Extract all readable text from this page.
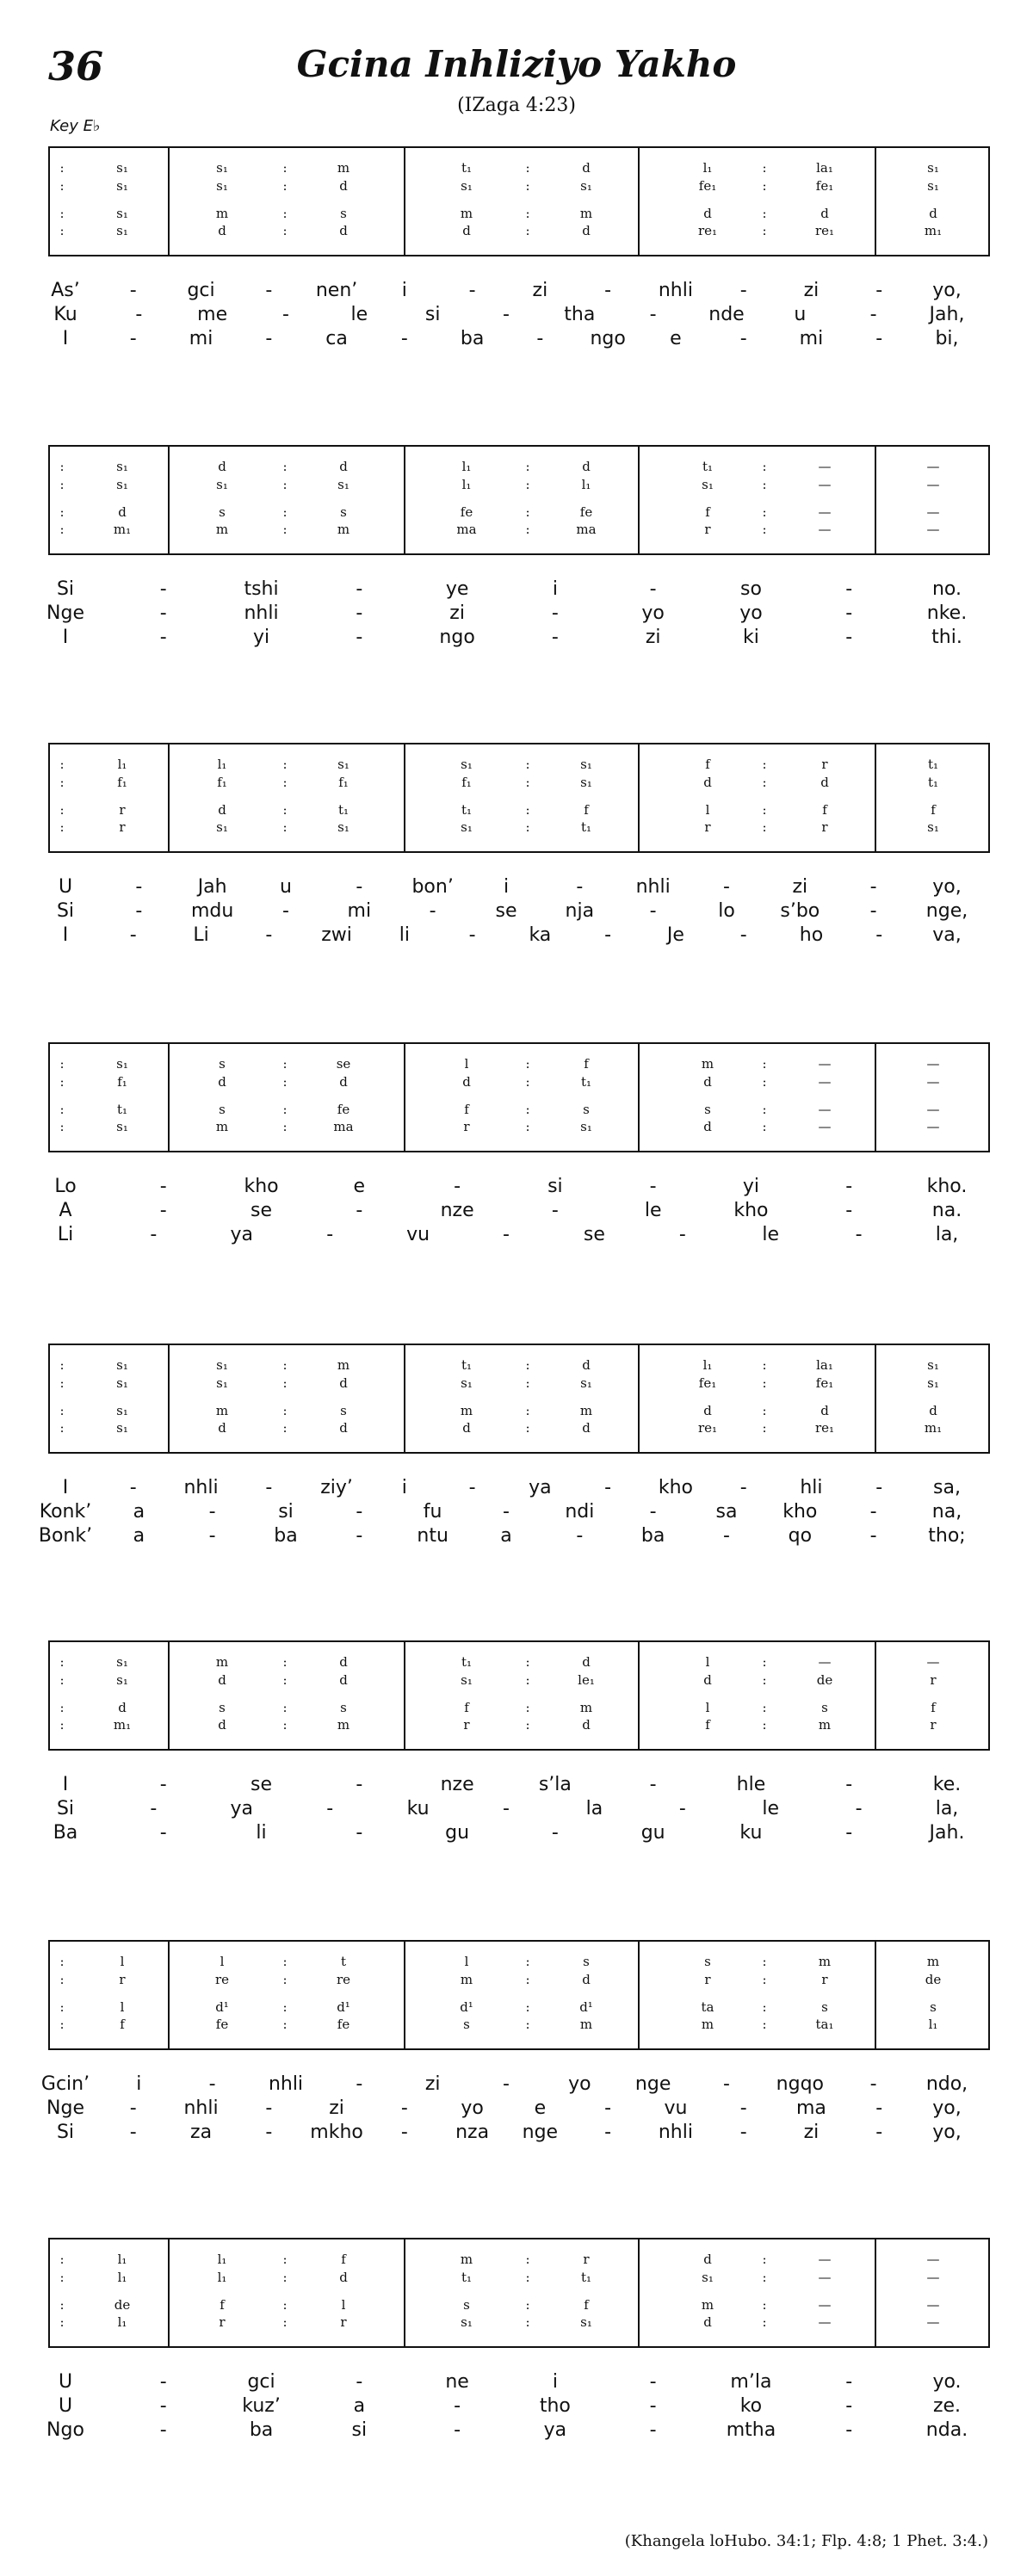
36	Gcina Inhliziyo Yakho
(IZaga 4:23)
Key E♭
:	s₁	s₁	:	m	t₁	:	d	l₁	:	la₁	s₁
:	s₁	s₁	:	d	s₁	:	s₁	fe₁	:	fe₁	s₁
:	s₁	m	:	s	m	:	m	d	:	d	d
:	s₁	d	:	d	d	:	d	re₁	:	re₁	m₁
As’	-	gci	- nen’ i	-	zi	- nhli -	zi	-	yo,
Ku	-	me	-	le	si	-	tha	-	nde	u	-	Jah,
I	-	mi	-	ca	-	ba	- ngo e	-	mi	-	bi,
:	s₁	d	:	d	l₁	:	d	t₁	:	—	—
:	s₁	s₁	:	s₁	l₁	:	l₁	s₁	:	—	—
:	d	s	:	s	fe	:	fe	f	:	—	—
:	m₁	m	:	m	ma	:	ma	r	:	—	—
Si	-	tshi	-	ye	i	-	so	-	no.
Nge	-	nhli	-	zi	-	yo	yo	-	nke.
I	-	yi	-	ngo	-	zi	ki	-	thi.
:	l₁	l₁	:	s₁	s₁	:	s₁	f	:	r	t₁
:	f₁	f₁	:	f₁	f₁	:	s₁	d	:	d	t₁
:	r	d	:	t₁	t₁	:	f	l	:	f	f
:	r	s₁	:	s₁	s₁	:	t₁	r	:	r	s₁
U	-	Jah	u	-	bon’	i	-	nhli	-	zi	-	yo,
Si	-	mdu	-	mi	-	se	nja	-	lo s’bo	-	nge,
I	-	Li	-	zwi li	-	ka	-	Je	-	ho	-	va,
:	s₁	s	:	se	l	:	f	m	:	—	—
:	f₁	d	:	d	d	:	t₁	d	:	—	—
:	t₁	s	:	fe	f	:	s	s	:	—	—
:	s₁	m	:	ma	r	:	s₁	d	:	—	—
Lo	-	kho	e	-	si	-	yi	-	kho.
A	-	se	-	nze	-	le	kho	-	na.
Li	-	ya	-	vu	-	se	-	le	-	la,
:	s₁	s₁	:	m	t₁	:	d	l₁	:	la₁	s₁
:	s₁	s₁	:	d	s₁	:	s₁	fe₁	:	fe₁	s₁
:	s₁	m	:	s	m	:	m	d	:	d	d
:	s₁	d	:	d	d	:	d	re₁	:	re₁	m₁
I	- nhli -	ziy’	i	-	ya	- kho -	hli	-	sa,
Konk’ a	-	si	-	fu	-	ndi	-	sa kho	-	na,
Bonk’ a	-	ba	-	ntu	a	-	ba	-	qo	-	tho;
:	s₁	m	:	d	t₁	:	d	l	:	—	—
:	s₁	d	:	d	s₁	:	le₁	d	:	de	r
:	d	s	:	s	f	:	m	l	:	s	f
:	m₁	d	:	m	r	:	d	f	:	m	r
I	-	se	-	nze	s’la	-	hle	-	ke.
Si	-	ya	-	ku	-	la	-	le	-	la,
Ba	-	li	-	gu	-	gu	ku	-	Jah.
:	l	l	:	t	l	:	s	s	:	m	m
:	r	re	:	re	m	:	d	r	:	r	de
:	l	d¹	:	d¹	d¹	:	d¹	ta	:	s	s
:	f	fe	:	fe	s	:	m	m	:	ta₁	l₁
Gcin’ i	-	nhli	-	zi	-	yo nge	- ngqo -	ndo,
Nge - nhli -	zi	-	yo	e	-	vu	-	ma	-	yo,
Si	-	za	- mkho -	nza nge - nhli -	zi	-	yo,
:	l₁	l₁	:	f	m	:	r	d	:	—	—
:	l₁	l₁	:	d	t₁	:	t₁	s₁	:	—	—
:	de	f	:	l	s	:	f	m	:	—	—
:	l₁	r	:	r	s₁	:	s₁	d	:	—	—
U	-	gci	-	ne	i	-	m’la	-	yo.
U	-	kuz’	a	-	tho	-	ko	-	ze.
Ngo	-	ba	si	-	ya	-	mtha	-	nda.
(Khangela loHubo. 34:1; Flp. 4:8; 1 Phet. 3:4.)
